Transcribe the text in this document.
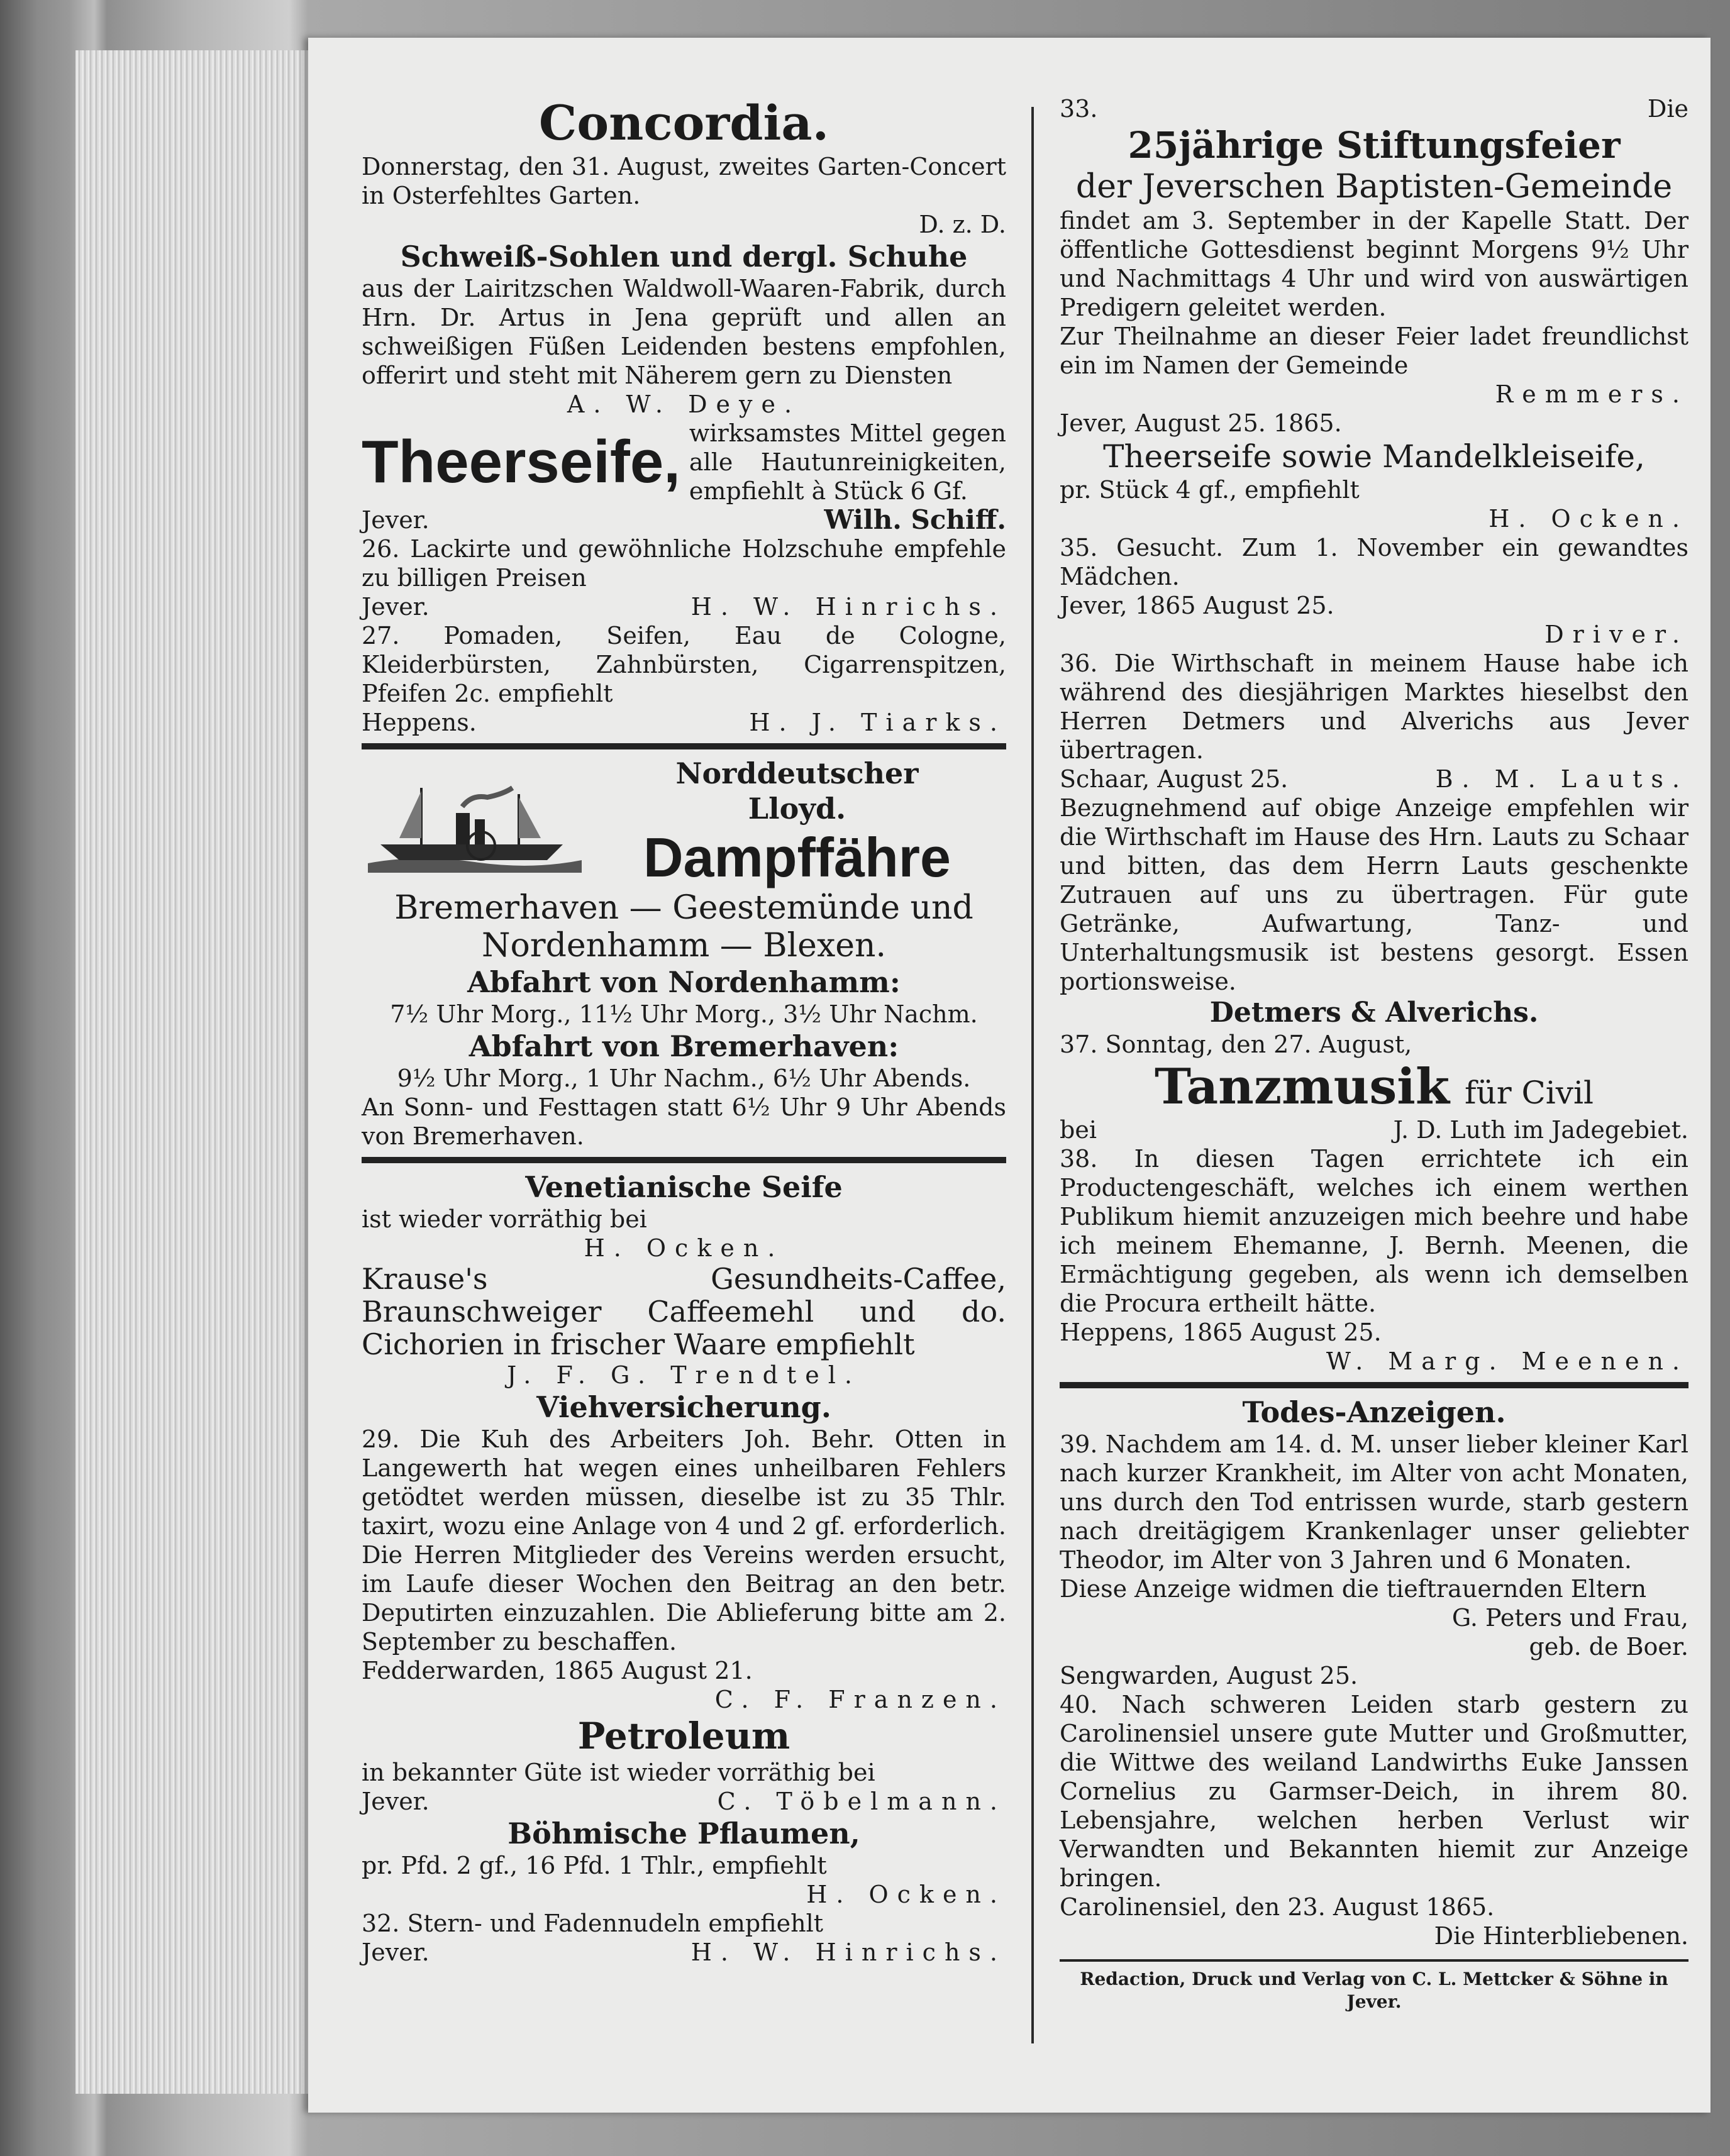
Concordia.

Donnerstag, den 31. August, zweites Garten-Concert in Osterfehltes Garten.

D. z. D.

Schweiß-Sohlen und dergl. Schuhe

aus der Lairitzschen Waldwoll-Waaren-Fabrik, durch Hrn. Dr. Artus in Jena geprüft und allen an schweißigen Füßen Leidenden bestens empfohlen, offerirt und steht mit Näherem gern zu Diensten

A. W. Deye.

Theerseife, wirksamstes Mittel gegen alle Hautunreinigkeiten, empfiehlt à Stück 6 Gf.

Jever.	Wilh. Schiff.

26. Lackirte und gewöhnliche Holzschuhe empfehle zu billigen Preisen

Jever.	H. W. Hinrichs.

27. Pomaden, Seifen, Eau de Cologne, Kleiderbürsten, Zahnbürsten, Cigarrenspitzen, Pfeifen 2c. empfiehlt

Heppens.	H. J. Tiarks.

Norddeutscher

Lloyd.

Dampffähre

Bremerhaven — Geestemünde und

Nordenhamm — Blexen.

Abfahrt von Nordenhamm:

7½ Uhr Morg., 11½ Uhr Morg., 3½ Uhr Nachm.

Abfahrt von Bremerhaven:

9½ Uhr Morg., 1 Uhr Nachm., 6½ Uhr Abends.

An Sonn- und Festtagen statt 6½ Uhr 9 Uhr Abends von Bremerhaven.

Venetianische Seife

ist wieder vorräthig bei

H. Ocken.

Krause's Gesundheits-Caffee, Braunschweiger Caffeemehl und do. Cichorien in frischer Waare empfiehlt

J. F. G. Trendtel.

Viehversicherung.

29. Die Kuh des Arbeiters Joh. Behr. Otten in Langewerth hat wegen eines unheilbaren Fehlers getödtet werden müssen, dieselbe ist zu 35 Thlr. taxirt, wozu eine Anlage von 4 und 2 gf. erforderlich. Die Herren Mitglieder des Vereins werden ersucht, im Laufe dieser Wochen den Beitrag an den betr. Deputirten einzuzahlen. Die Ablieferung bitte am 2. September zu beschaffen.

Fedderwarden, 1865 August 21.

C. F. Franzen.

Petroleum

in bekannter Güte ist wieder vorräthig bei

Jever.	C. Töbelmann.

Böhmische Pflaumen,

pr. Pfd. 2 gf., 16 Pfd. 1 Thlr., empfiehlt

H. Ocken.

32. Stern- und Fadennudeln empfiehlt

Jever.	H. W. Hinrichs.
33.	Die

25jährige Stiftungsfeier

der Jeverschen Baptisten-Gemeinde

findet am 3. September in der Kapelle Statt. Der öffentliche Gottesdienst beginnt Morgens 9½ Uhr und Nachmittags 4 Uhr und wird von auswärtigen Predigern geleitet werden.

Zur Theilnahme an dieser Feier ladet freundlichst ein im Namen der Gemeinde

Remmers.

Jever, August 25. 1865.

Theerseife sowie Mandelkleiseife,

pr. Stück 4 gf., empfiehlt

H. Ocken.

35. Gesucht. Zum 1. November ein gewandtes Mädchen.

Jever, 1865 August 25.

Driver.

36. Die Wirthschaft in meinem Hause habe ich während des diesjährigen Marktes hieselbst den Herren Detmers und Alverichs aus Jever übertragen.

Schaar, August 25.	B. M. Lauts.

Bezugnehmend auf obige Anzeige empfehlen wir die Wirthschaft im Hause des Hrn. Lauts zu Schaar und bitten, das dem Herrn Lauts geschenkte Zutrauen auf uns zu übertragen. Für gute Getränke, Aufwartung, Tanz- und Unterhaltungsmusik ist bestens gesorgt. Essen portionsweise.

Detmers & Alverichs.

37. Sonntag, den 27. August,

Tanzmusik für Civil
bei	J. D. Luth im Jadegebiet.

38. In diesen Tagen errichtete ich ein Productengeschäft, welches ich einem werthen Publikum hiemit anzuzeigen mich beehre und habe ich meinem Ehemanne, J. Bernh. Meenen, die Ermächtigung gegeben, als wenn ich demselben die Procura ertheilt hätte.

Heppens, 1865 August 25.

W. Marg. Meenen.

Todes-Anzeigen.

39. Nachdem am 14. d. M. unser lieber kleiner Karl nach kurzer Krankheit, im Alter von acht Monaten, uns durch den Tod entrissen wurde, starb gestern nach dreitägigem Krankenlager unser geliebter Theodor, im Alter von 3 Jahren und 6 Monaten.

Diese Anzeige widmen die tieftrauernden Eltern

G. Peters und Frau,

geb. de Boer.

Sengwarden, August 25.

40. Nach schweren Leiden starb gestern zu Carolinensiel unsere gute Mutter und Großmutter, die Wittwe des weiland Landwirths Euke Janssen Cornelius zu Garmser-Deich, in ihrem 80. Lebensjahre, welchen herben Verlust wir Verwandten und Bekannten hiemit zur Anzeige bringen.

Carolinensiel, den 23. August 1865.

Die Hinterbliebenen.

Redaction, Druck und Verlag von C. L. Mettcker & Söhne in Jever.
